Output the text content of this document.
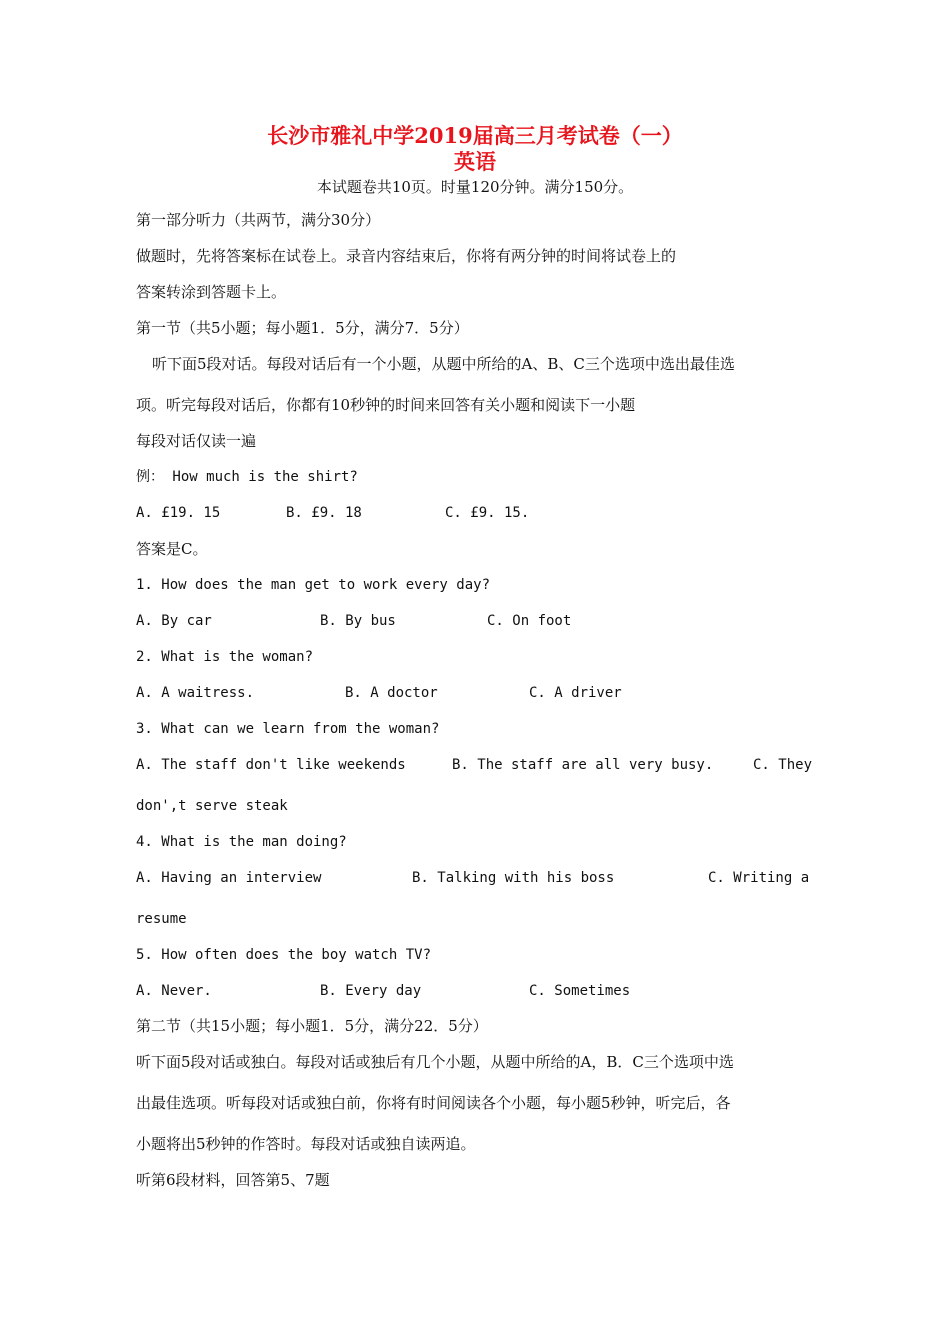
长沙市雅礼中学2019届高三月考试卷（一）
英语
本试题卷共10页。时量120分钟。满分150分。
第一部分听力（共两节，满分30分）
做题时，先将答案标在试卷上。录音内容结束后，你将有两分钟的时间将试卷上的
答案转涂到答题卡上。
第一节（共5小题；每小题1．5分，满分7．5分）
听下面5段对话。每段对话后有一个小题，从题中所给的A、B、C三个选项中选出最佳选
项。听完每段对话后，你都有10秒钟的时间来回答有关小题和阅读下一小题
每段对话仅读一遍
例： How much is the shirt?
A. £19. 15	B. £9. 18	C. £9. 15.
答案是C。
1. How does the man get to work every day?
A. By car	B. By bus	C. On foot
2. What is the woman?
A. A waitress.	B. A doctor	C. A driver
3. What can we learn from the woman?
A. The staff don't like weekends	B. The staff are all very busy.	C. They
don',t serve steak
4. What is the man doing?
A. Having an interview	B. Talking with his boss	C. Writing a
resume
5. How often does the boy watch TV?
A. Never.	B. Every day	C. Sometimes
第二节（共15小题；每小题1．5分，满分22．5分）
听下面5段对话或独白。每段对话或独后有几个小题，从题中所给的A，B．C三个选项中选
出最佳选项。听每段对话或独白前，你将有时间阅读各个小题，每小题5秒钟，听完后，各
小题将出5秒钟的作答时。每段对话或独自读两追。
听第6段材料，回答第5、7题
